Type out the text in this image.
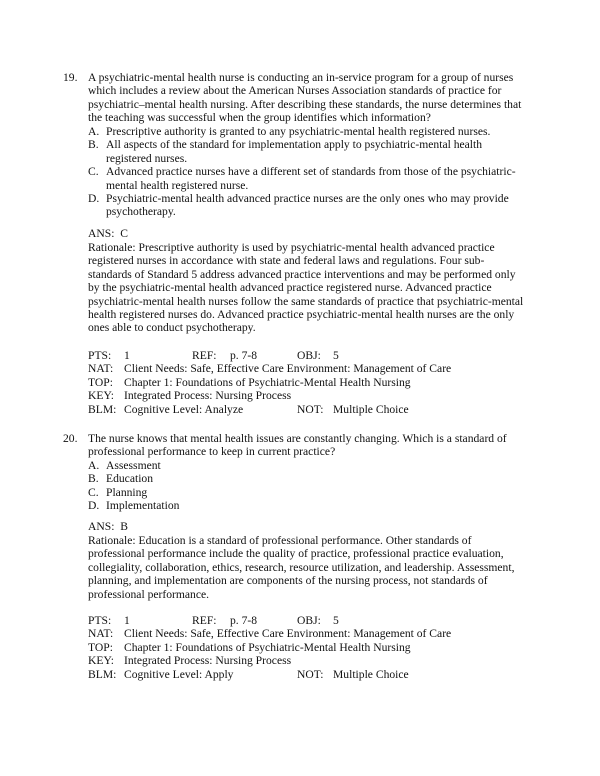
19. A psychiatric-mental health nurse is conducting an in-service program for a group of nurses which includes a review about the American Nurses Association standards of practice for psychiatric–mental health nursing. After describing these standards, the nurse determines that the teaching was successful when the group identifies which information?
A. Prescriptive authority is granted to any psychiatric-mental health registered nurses.
B. All aspects of the standard for implementation apply to psychiatric-mental health registered nurses.
C. Advanced practice nurses have a different set of standards from those of the psychiatric-mental health registered nurse.
D. Psychiatric-mental health advanced practice nurses are the only ones who may provide psychotherapy.
ANS: C
Rationale: Prescriptive authority is used by psychiatric-mental health advanced practice registered nurses in accordance with state and federal laws and regulations. Four sub-standards of Standard 5 address advanced practice interventions and may be performed only by the psychiatric-mental health advanced practice registered nurse. Advanced practice psychiatric-mental health nurses follow the same standards of practice that psychiatric-mental health registered nurses do. Advanced practice psychiatric-mental health nurses are the only ones able to conduct psychotherapy.
PTS: 1	REF: p. 7-8	OBJ: 5
NAT: Client Needs: Safe, Effective Care Environment: Management of Care
TOP: Chapter 1: Foundations of Psychiatric-Mental Health Nursing
KEY: Integrated Process: Nursing Process
BLM: Cognitive Level: Analyze	NOT: Multiple Choice
20. The nurse knows that mental health issues are constantly changing. Which is a standard of professional performance to keep in current practice?
A. Assessment
B. Education
C. Planning
D. Implementation
ANS: B
Rationale: Education is a standard of professional performance. Other standards of professional performance include the quality of practice, professional practice evaluation, collegiality, collaboration, ethics, research, resource utilization, and leadership. Assessment, planning, and implementation are components of the nursing process, not standards of professional performance.
PTS: 1	REF: p. 7-8	OBJ: 5
NAT: Client Needs: Safe, Effective Care Environment: Management of Care
TOP: Chapter 1: Foundations of Psychiatric-Mental Health Nursing
KEY: Integrated Process: Nursing Process
BLM: Cognitive Level: Apply	NOT: Multiple Choice
